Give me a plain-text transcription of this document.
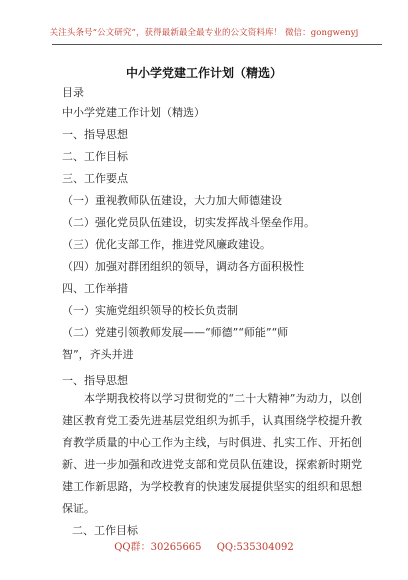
关注头条号“公文研究”，获得最新最全最专业的公文资料库！ 微信：gongwenyj
中小学党建工作计划（精选）
目录
中小学党建工作计划（精选）
一、指导思想
二、工作目标
三、工作要点
（一）重视教师队伍建设，大力加大师德建设
（二）强化党员队伍建设，切实发挥战斗堡垒作用。
（三）优化支部工作，推进党风廉政建设。
（四）加强对群团组织的领导，调动各方面积极性
四、工作举措
（一）实施党组织领导的校长负责制
（二）党建引领教师发展——“师德”“师能”“师
智”，齐头并进
一、指导思想
本学期我校将以学习贯彻党的“二十大精神”为动力，以创建区教育党工委先进基层党组织为抓手，认真围绕学校提升教育教学质量的中心工作为主线，与时俱进、扎实工作、开拓创新、进一步加强和改进党支部和党员队伍建设，探索新时期党建工作新思路，为学校教育的快速发展提供坚实的组织和思想保证。
二、工作目标
QQ群：30265665 QQ:535304092
